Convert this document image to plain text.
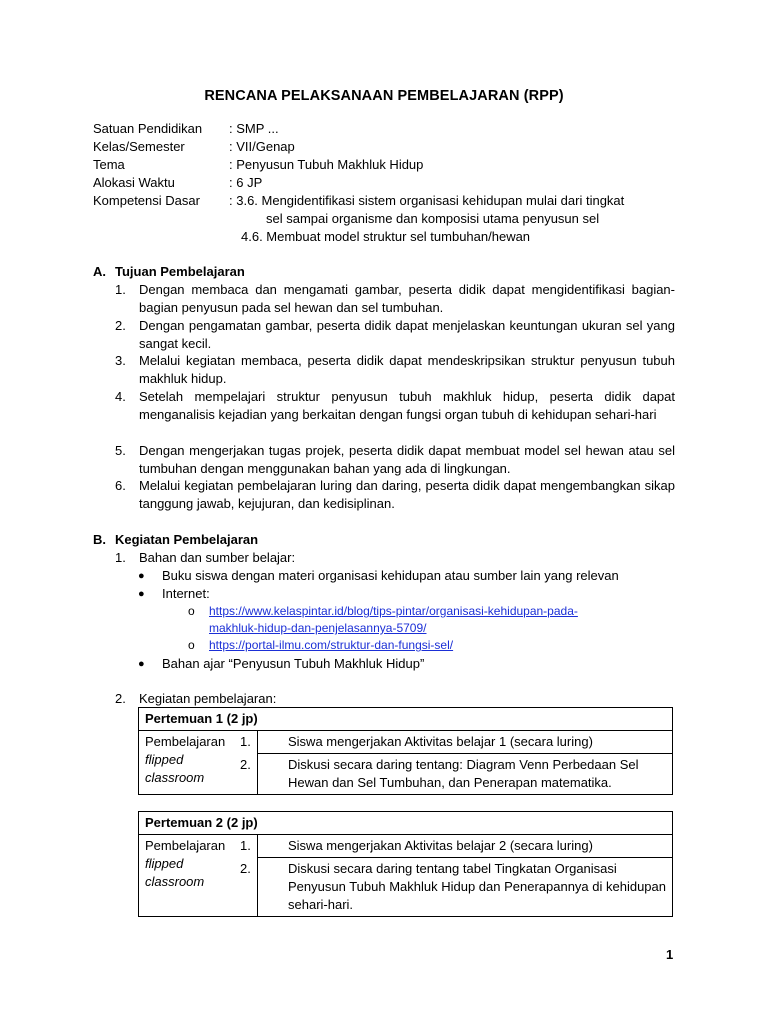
RENCANA PELAKSANAAN PEMBELAJARAN (RPP)
Satuan Pendidikan : SMP ...
Kelas/Semester	: VII/Genap
Tema	: Penyusun Tubuh Makhluk Hidup
Alokasi Waktu	: 6 JP
Kompetensi Dasar : 3.6. Mengidentifikasi sistem organisasi kehidupan mulai dari tingkat
sel sampai organisme dan komposisi utama penyusun sel
4.6. Membuat model struktur sel tumbuhan/hewan
A. Tujuan Pembelajaran
1. Dengan membaca dan mengamati gambar, peserta didik dapat mengidentifikasi bagian-bagian penyusun pada sel hewan dan sel tumbuhan.
2. Dengan pengamatan gambar, peserta didik dapat menjelaskan keuntungan ukuran sel yang sangat kecil.
3. Melalui kegiatan membaca, peserta didik dapat mendeskripsikan struktur penyusun tubuh makhluk hidup.
4. Setelah mempelajari struktur penyusun tubuh makhluk hidup, peserta didik dapat menganalisis kejadian yang berkaitan dengan fungsi organ tubuh di kehidupan sehari-hari
5. Dengan mengerjakan tugas projek, peserta didik dapat membuat model sel hewan atau sel tumbuhan dengan menggunakan bahan yang ada di lingkungan.
6. Melalui kegiatan pembelajaran luring dan daring, peserta didik dapat mengembangkan sikap tanggung jawab, kejujuran, dan kedisiplinan.
B. Kegiatan Pembelajaran
1. Bahan dan sumber belajar:
● Buku siswa dengan materi organisasi kehidupan atau sumber lain yang relevan
● Internet:
o https://www.kelaspintar.id/blog/tips-pintar/organisasi-kehidupan-pada-
makhluk-hidup-dan-penjelasannya-5709/
o https://portal-ilmu.com/struktur-dan-fungsi-sel/
● Bahan ajar “Penyusun Tubuh Makhluk Hidup”
2. Kegiatan pembelajaran:
Pertemuan 1 (2 jp)

Pembelajaran
flipped
classroom

1.	Siswa mengerjakan Aktivitas belajar 1 (secara luring)

2.	Diskusi secara daring tentang: Diagram Venn Perbedaan Sel Hewan dan Sel Tumbuhan, dan Penerapan matematika.
Pertemuan 2 (2 jp)

Pembelajaran
flipped
classroom

1.	Siswa mengerjakan Aktivitas belajar 2 (secara luring)

2.	Diskusi secara daring tentang tabel Tingkatan Organisasi Penyusun Tubuh Makhluk Hidup dan Penerapannya di kehidupan sehari-hari.
1
